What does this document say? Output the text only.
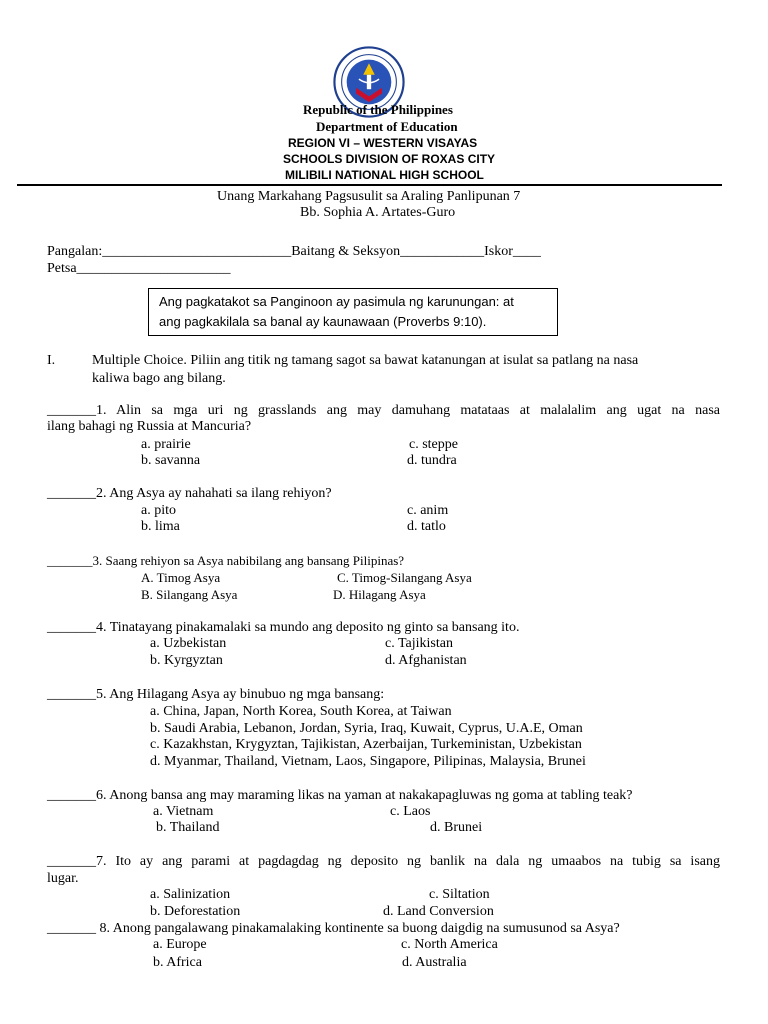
Republic of the Philippines
Department of Education
REGION VI – WESTERN VISAYAS
SCHOOLS DIVISION OF ROXAS CITY
MILIBILI NATIONAL HIGH SCHOOL
Unang Markahang Pagsusulit sa Araling Panlipunan 7
Bb. Sophia A. Artates-Guro
Pangalan:___________________________Baitang & Seksyon____________Iskor____
Petsa______________________
Ang pagkatakot sa Panginoon ay pasimula ng karunungan: at
ang pagkakilala sa banal ay kaunawaan (Proverbs 9:10).
I.	Multiple Choice. Piliin ang titik ng tamang sagot sa bawat katanungan at isulat sa patlang na nasa
kaliwa bago ang bilang.
_______1. Alin sa mga uri ng grasslands ang may damuhang matataas at malalalim ang ugat na nasa
ilang bahagi ng Russia at Mancuria?
a. prairie	c. steppe
b. savanna	d. tundra
_______2. Ang Asya ay nahahati sa ilang rehiyon?
a. pito	c. anim
b. lima	d. tatlo
_______3. Saang rehiyon sa Asya nabibilang ang bansang Pilipinas?
A. Timog Asya	C. Timog-Silangang Asya
B. Silangang Asya	D. Hilagang Asya
_______4. Tinatayang pinakamalaki sa mundo ang deposito ng ginto sa bansang ito.
a. Uzbekistan	c. Tajikistan
b. Kyrgyztan	d. Afghanistan
_______5. Ang Hilagang Asya ay binubuo ng mga bansang:
a. China, Japan, North Korea, South Korea, at Taiwan
b. Saudi Arabia, Lebanon, Jordan, Syria, Iraq, Kuwait, Cyprus, U.A.E, Oman
c. Kazakhstan, Krygyztan, Tajikistan, Azerbaijan, Turkeministan, Uzbekistan
d. Myanmar, Thailand, Vietnam, Laos, Singapore, Pilipinas, Malaysia, Brunei
_______6. Anong bansa ang may maraming likas na yaman at nakakapagluwas ng goma at tabling teak?
a. Vietnam	c. Laos
b. Thailand	d. Brunei
_______7. Ito ay ang parami at pagdagdag ng deposito ng banlik na dala ng umaabos na tubig sa isang
lugar.
a. Salinization	c. Siltation
b. Deforestation	d. Land Conversion
_______ 8. Anong pangalawang pinakamalaking kontinente sa buong daigdig na sumusunod sa Asya?
a. Europe	c. North America
b. Africa	d. Australia
